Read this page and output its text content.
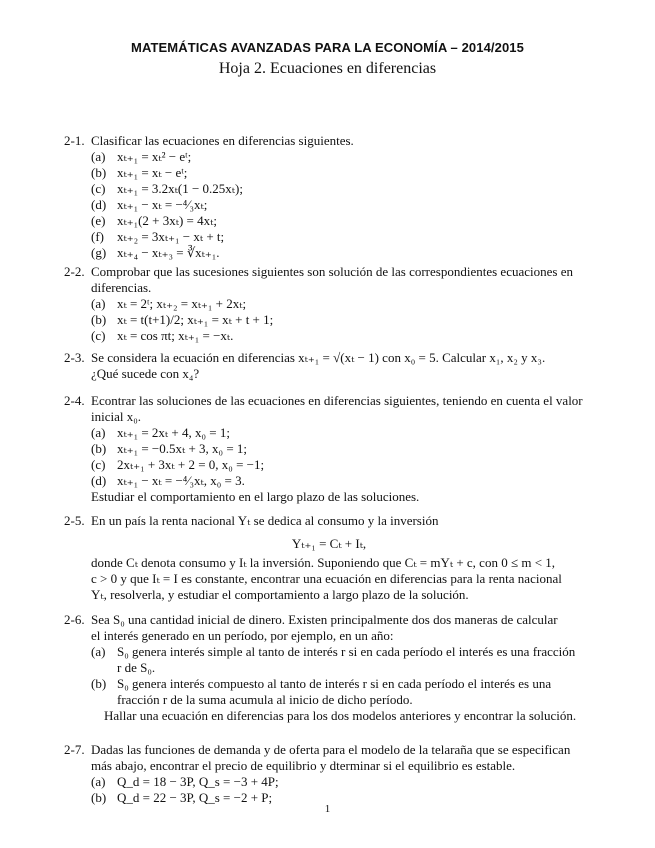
MATEMÁTICAS AVANZADAS PARA LA ECONOMÍA – 2014/2015
Hoja 2. Ecuaciones en diferencias
2-1. Clasificar las ecuaciones en diferencias siguientes.
(a) xₜ₊₁ = xₜ² − eᵗ;
(b) xₜ₊₁ = xₜ − eᵗ;
(c) xₜ₊₁ = 3.2xₜ(1 − 0.25xₜ);
(d) xₜ₊₁ − xₜ = −⁴⁄₃xₜ;
(e) xₜ₊₁(2 + 3xₜ) = 4xₜ;
(f) xₜ₊₂ = 3xₜ₊₁ − xₜ + t;
(g) xₜ₊₄ − xₜ₊₃ = ∛xₜ₊₁.
2-2. Comprobar que las sucesiones siguientes son solución de las correspondientes ecuaciones en
diferencias.
(a) xₜ = 2ᵗ; xₜ₊₂ = xₜ₊₁ + 2xₜ;
(b) xₜ = t(t+1)/2; xₜ₊₁ = xₜ + t + 1;
(c) xₜ = cos πt; xₜ₊₁ = −xₜ.
2-3. Se considera la ecuación en diferencias xₜ₊₁ = √(xₜ − 1) con x₀ = 5. Calcular x₁, x₂ y x₃.
¿Qué sucede con x₄?
2-4. Econtrar las soluciones de las ecuaciones en diferencias siguientes, teniendo en cuenta el valor
inicial x₀.
(a) xₜ₊₁ = 2xₜ + 4, x₀ = 1;
(b) xₜ₊₁ = −0.5xₜ + 3, x₀ = 1;
(c) 2xₜ₊₁ + 3xₜ + 2 = 0, x₀ = −1;
(d) xₜ₊₁ − xₜ = −⁴⁄₃xₜ, x₀ = 3.
Estudiar el comportamiento en el largo plazo de las soluciones.
2-5. En un país la renta nacional Yₜ se dedica al consumo y la inversión
Yₜ₊₁ = Cₜ + Iₜ,
donde Cₜ denota consumo y Iₜ la inversión. Suponiendo que Cₜ = mYₜ + c, con 0 ≤ m < 1,
c > 0 y que Iₜ = I es constante, encontrar una ecuación en diferencias para la renta nacional
Yₜ, resolverla, y estudiar el comportamiento a largo plazo de la solución.
2-6. Sea S₀ una cantidad inicial de dinero. Existen principalmente dos dos maneras de calcular
el interés generado en un período, por ejemplo, en un año:
(a) S₀ genera interés simple al tanto de interés r si en cada período el interés es una fracción
r de S₀.
(b) S₀ genera interés compuesto al tanto de interés r si en cada período el interés es una
fracción r de la suma acumula al inicio de dicho período.
Hallar una ecuación en diferencias para los dos modelos anteriores y encontrar la solución.
2-7. Dadas las funciones de demanda y de oferta para el modelo de la telaraña que se especifican
más abajo, encontrar el precio de equilibrio y dterminar si el equilibrio es estable.
(a) Q_d = 18 − 3P, Q_s = −3 + 4P;
(b) Q_d = 22 − 3P, Q_s = −2 + P;
1
